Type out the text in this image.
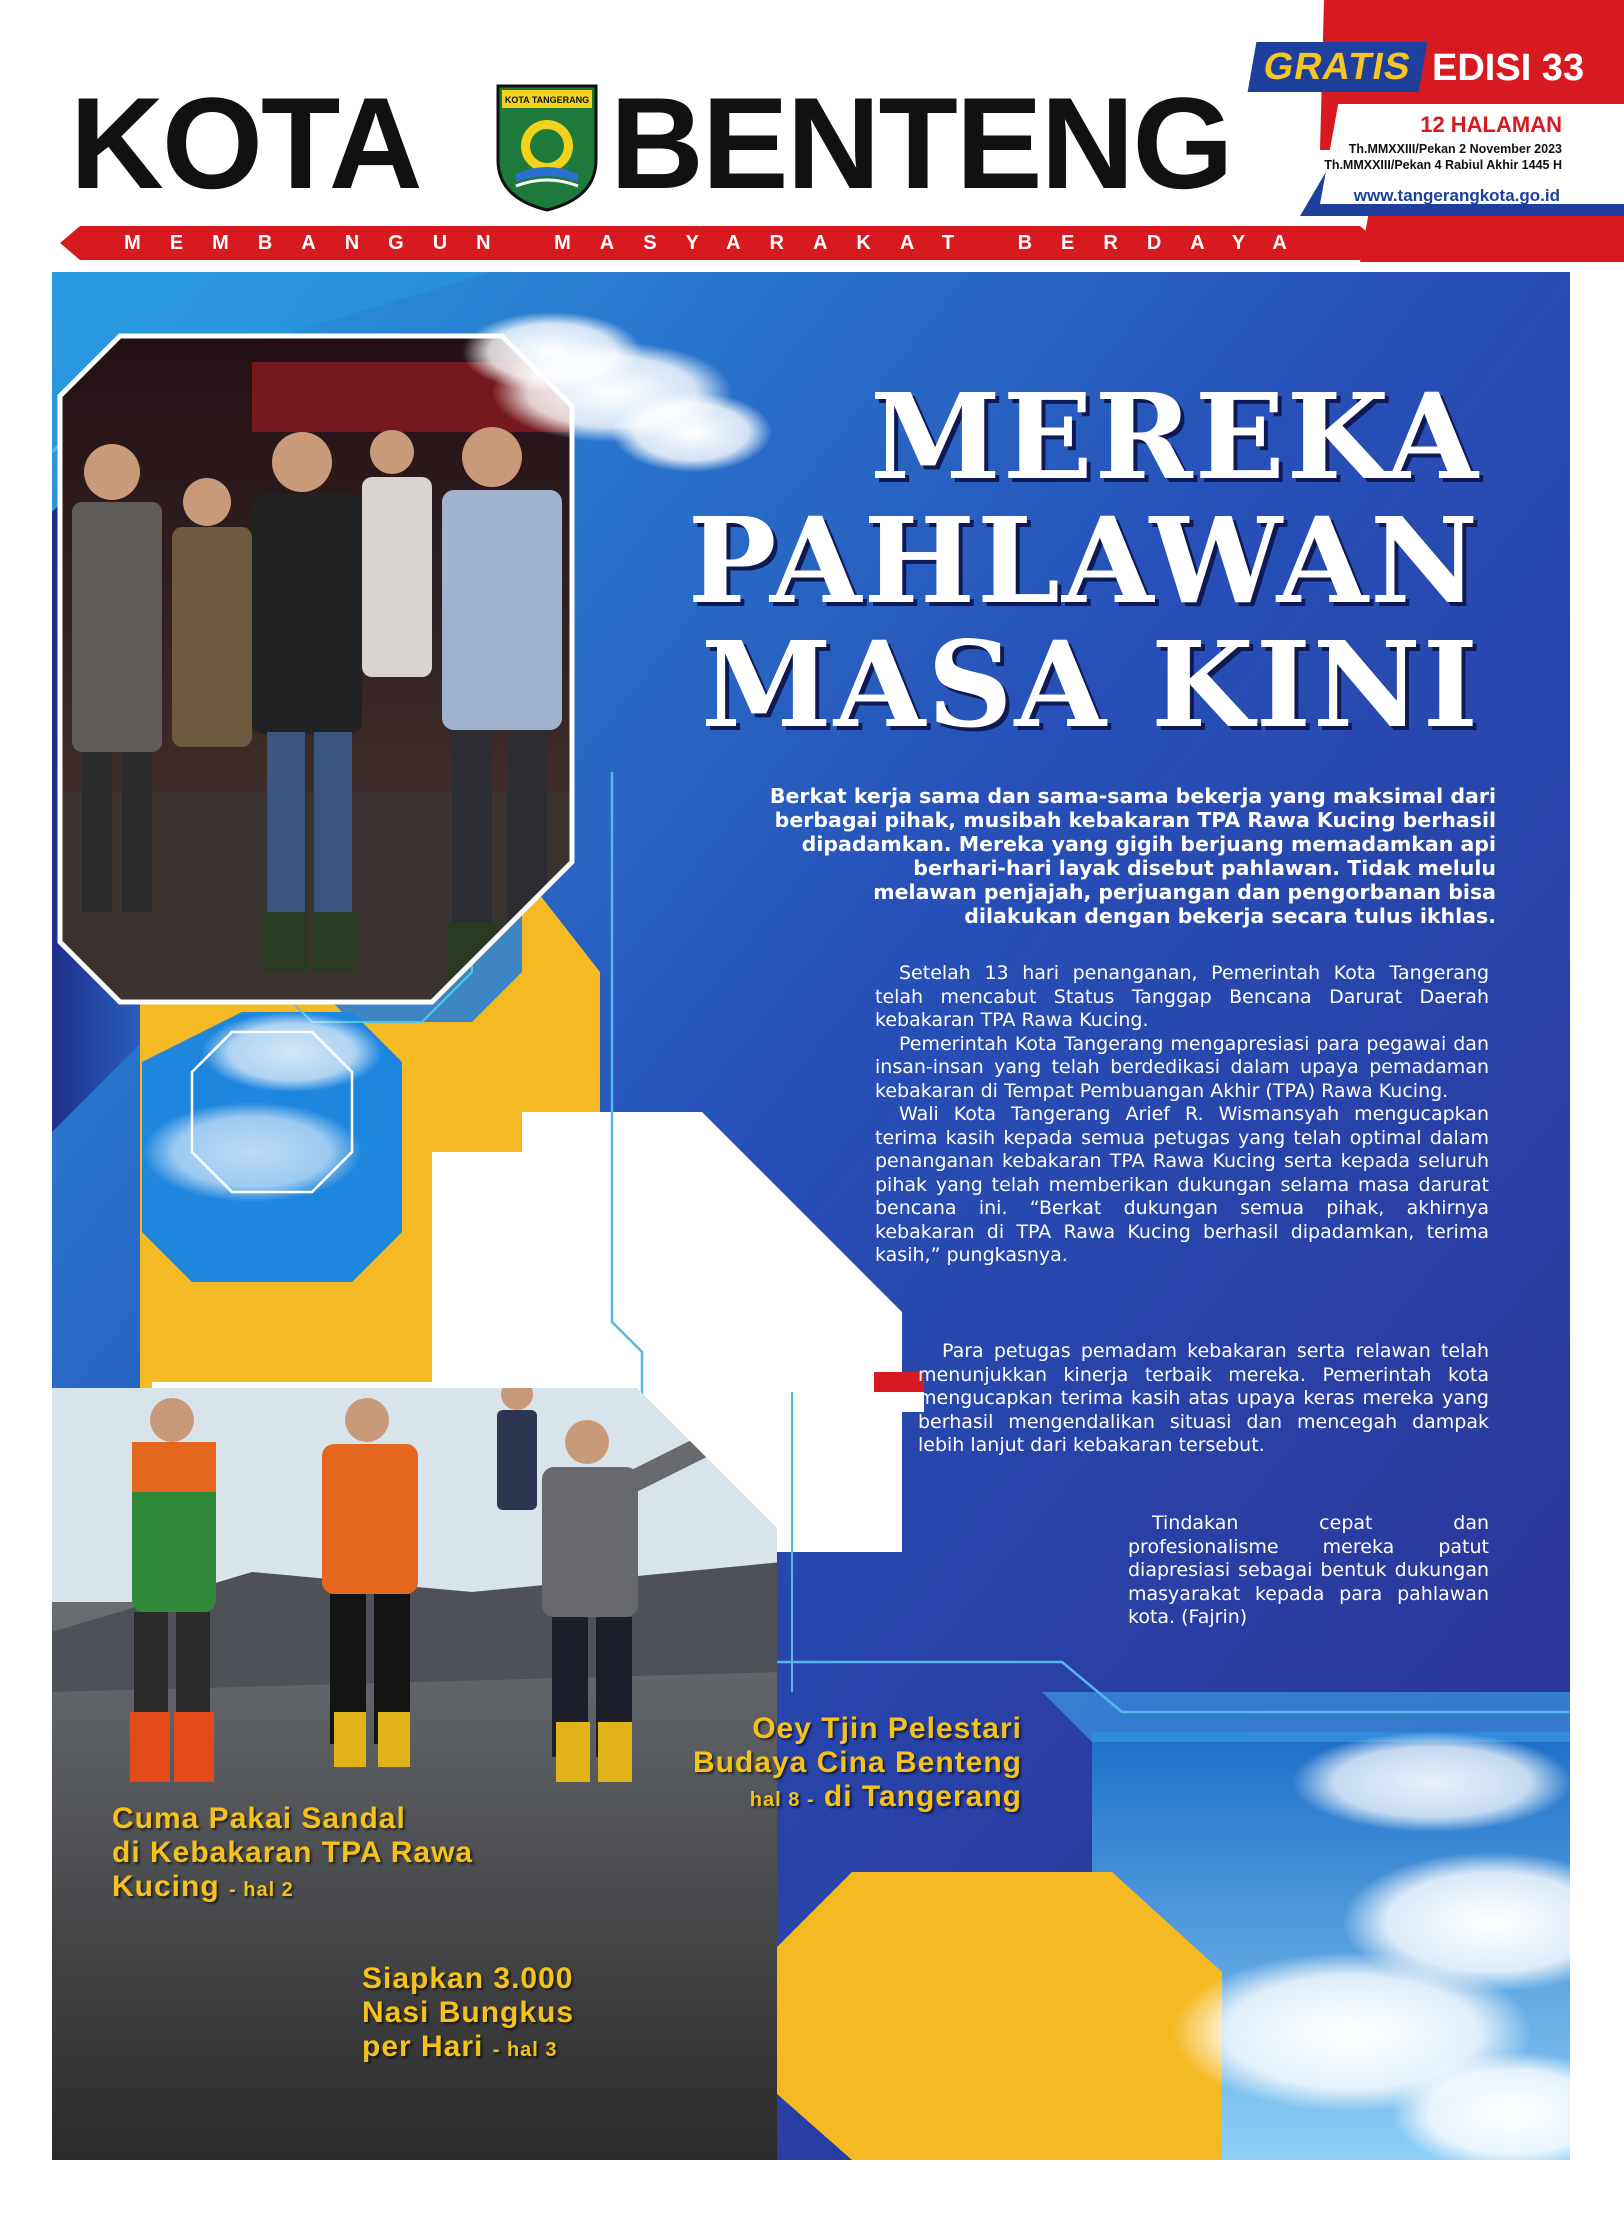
GRATIS EDISI 33
12 HALAMAN
Th.MMXXIII/Pekan 2 November 2023
Th.MMXXIII/Pekan 4 Rabiul Akhir 1445 H
www.tangerangkota.go.id
KOTA BENTENG
KOTA TANGERANG
MEMBANGUN MASYARAKAT BERDAYA
MEREKA
PAHLAWAN
MASA KINI

Berkat kerja sama dan sama-sama bekerja yang maksimal dari

berbagai pihak, musibah kebakaran TPA Rawa Kucing berhasil

dipadamkan. Mereka yang gigih berjuang memadamkan api

berhari-hari layak disebut pahlawan. Tidak melulu

melawan penjajah, perjuangan dan pengorbanan bisa

dilakukan dengan bekerja secara tulus ikhlas.

Setelah 13 hari penanganan, Pemerintah Kota Tangerang telah mencabut Status Tanggap Bencana Darurat Daerah kebakaran TPA Rawa Kucing.

Pemerintah Kota Tangerang mengapresiasi para pegawai dan insan-insan yang telah berdedikasi dalam upaya pemadaman kebakaran di Tempat Pembuangan Akhir (TPA) Rawa Kucing.

Wali Kota Tangerang Arief R. Wismansyah mengucapkan terima kasih kepada semua petugas yang telah optimal dalam penanganan kebakaran TPA Rawa Kucing serta kepada seluruh pihak yang telah memberikan dukungan selama masa darurat bencana ini. “Berkat dukungan semua pihak, akhirnya kebakaran di TPA Rawa Kucing berhasil dipadamkan, terima kasih,” pungkasnya.

Para petugas pemadam kebakaran serta relawan telah menunjukkan kinerja terbaik mereka. Pemerintah kota mengucapkan terima kasih atas upaya keras mereka yang berhasil mengendalikan situasi dan mencegah dampak lebih lanjut dari kebakaran tersebut.

Tindakan cepat dan profesionalisme mereka patut diapresiasi sebagai bentuk dukungan masyarakat kepada para pahlawan kota. (Fajrin)

Cuma Pakai Sandal
di Kebakaran TPA Rawa
Kucing - hal 2
Oey Tjin Pelestari
Budaya Cina Benteng
hal 8 - di Tangerang
Siapkan 3.000
Nasi Bungkus
per Hari - hal 3
